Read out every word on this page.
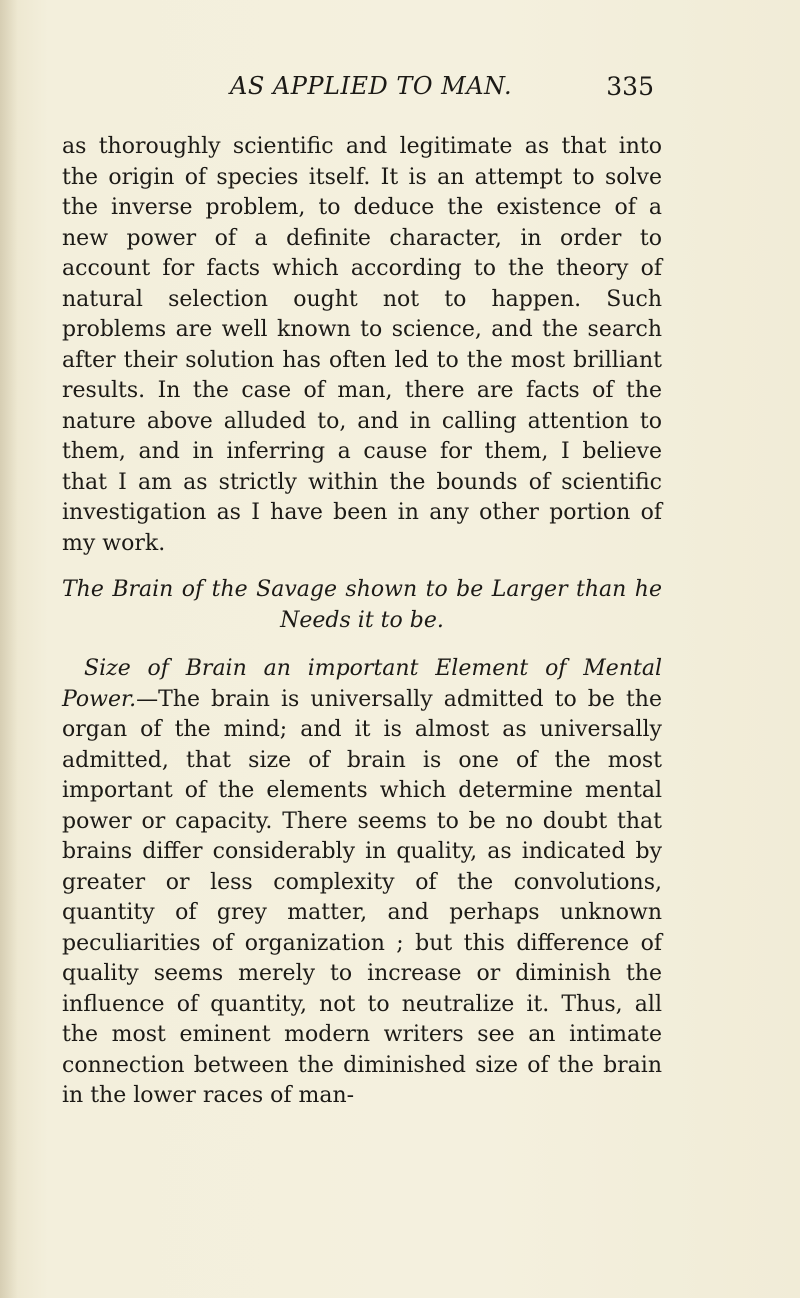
AS APPLIED TO MAN.	335

as thoroughly scientific and legitimate as that into the origin of species itself. It is an attempt to solve the inverse problem, to deduce the existence of a new power of a definite character, in order to account for facts which according to the theory of natural selection ought not to happen. Such problems are well known to science, and the search after their solution has often led to the most brilliant results. In the case of man, there are facts of the nature above alluded to, and in calling attention to them, and in inferring a cause for them, I believe that I am as strictly within the bounds of scientific investigation as I have been in any other portion of my work.

The Brain of the Savage shown to be Larger than he
Needs it to be.

Size of Brain an important Element of Mental Power.—The brain is universally admitted to be the organ of the mind; and it is almost as universally admitted, that size of brain is one of the most important of the elements which determine mental power or capacity. There seems to be no doubt that brains differ considerably in quality, as indicated by greater or less complexity of the convolutions, quantity of grey matter, and perhaps unknown peculiarities of organization ; but this difference of quality seems merely to increase or diminish the influence of quantity, not to neutralize it. Thus, all the most eminent modern writers see an intimate connection between the diminished size of the brain in the lower races of man-
